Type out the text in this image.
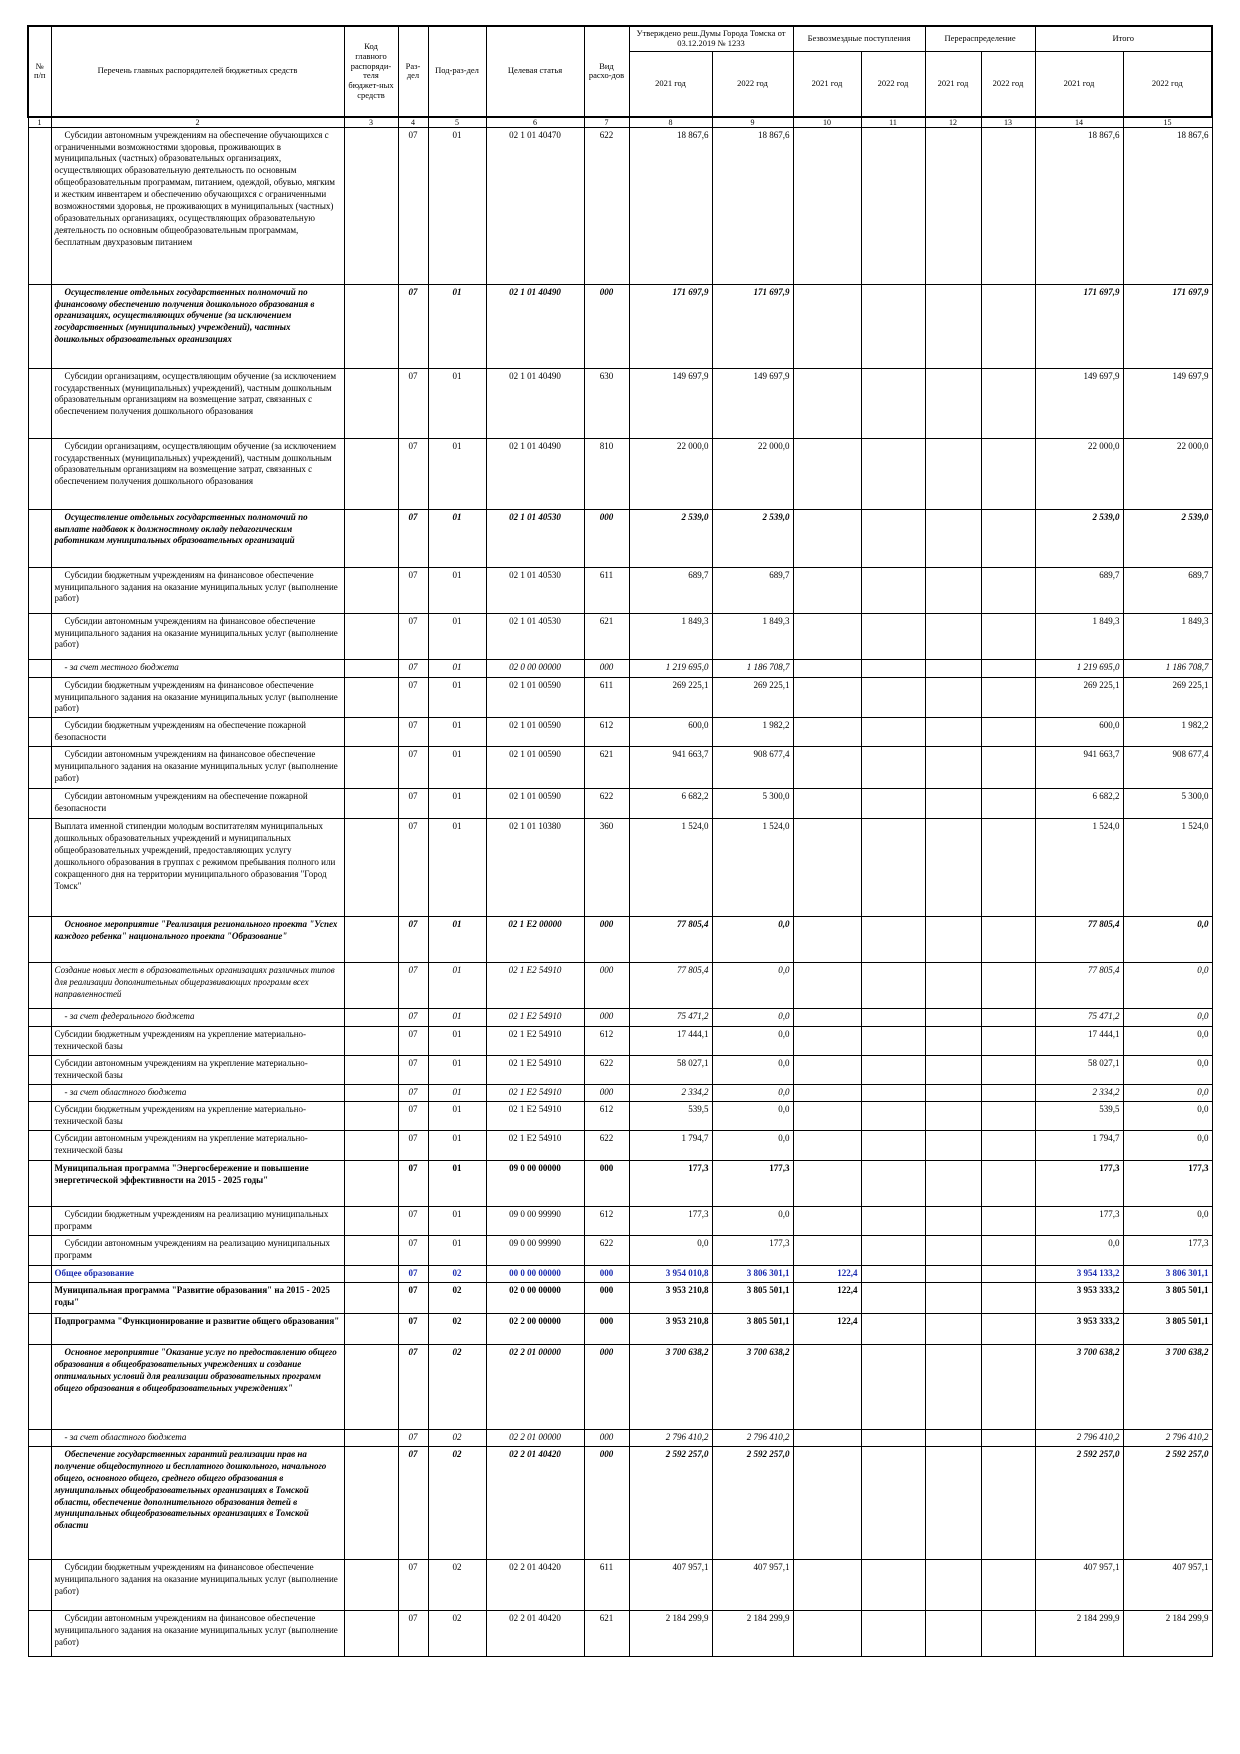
№ п/п	Перечень главных распорядителей бюджетных средств	Код главного распоряди-теля бюджет-ных средств	Раз-дел	Под-раз-дел	Целевая статья	Вид расхо-дов	Утверждено реш.Думы Города Томска от 03.12.2019 № 1233		Безвозмездные поступления		Перераспределение		Итого	
							2021 год	2022 год	2021 год	2022 год	2021 год	2022 год	2021 год	2022 год
1	2	3	4	5	6	7	8	9	10	11	12	13	14	15
	Субсидии автономным учреждениям на обеспечение обучающихся с ограниченными возможностями здоровья, проживающих в муниципальных (частных) образовательных организациях, осуществляющих образовательную деятельность по основным общеобразовательным программам, питанием, одеждой, обувью, мягким и жестким инвентарем и обеспечению обучающихся с ограниченными возможностями здоровья, не проживающих в муниципальных (частных) образовательных организациях, осуществляющих образовательную деятельность по основным общеобразовательным программам, бесплатным двухразовым питанием		07	01	02 1 01 40470	622	18 867,6	18 867,6					18 867,6	18 867,6
	Осуществление отдельных государственных полномочий по финансовому обеспечению получения дошкольного образования в организациях, осуществляющих обучение (за исключением государственных (муниципальных) учреждений), частных дошкольных образовательных организациях		07	01	02 1 01 40490	000	171 697,9	171 697,9					171 697,9	171 697,9
	Субсидии организациям, осуществляющим обучение (за исключением государственных (муниципальных) учреждений), частным дошкольным образовательным организациям на возмещение затрат, связанных с обеспечением получения дошкольного образования		07	01	02 1 01 40490	630	149 697,9	149 697,9					149 697,9	149 697,9
	Субсидии организациям, осуществляющим обучение (за исключением государственных (муниципальных) учреждений), частным дошкольным образовательным организациям на возмещение затрат, связанных с обеспечением получения дошкольного образования		07	01	02 1 01 40490	810	22 000,0	22 000,0					22 000,0	22 000,0
	Осуществление отдельных государственных полномочий по выплате надбавок к должностному окладу педагогическим работникам муниципальных образовательных организаций		07	01	02 1 01 40530	000	2 539,0	2 539,0					2 539,0	2 539,0
	Субсидии бюджетным учреждениям на финансовое обеспечение муниципального задания на оказание муниципальных услуг (выполнение работ)		07	01	02 1 01 40530	611	689,7	689,7					689,7	689,7
	Субсидии автономным учреждениям на финансовое обеспечение муниципального задания на оказание муниципальных услуг (выполнение работ)		07	01	02 1 01 40530	621	1 849,3	1 849,3					1 849,3	1 849,3
	- за счет местного бюджета		07	01	02 0 00 00000	000	1 219 695,0	1 186 708,7					1 219 695,0	1 186 708,7
	Субсидии бюджетным учреждениям на финансовое обеспечение муниципального задания на оказание муниципальных услуг (выполнение работ)		07	01	02 1 01 00590	611	269 225,1	269 225,1					269 225,1	269 225,1
	Субсидии бюджетным учреждениям на обеспечение пожарной безопасности		07	01	02 1 01 00590	612	600,0	1 982,2					600,0	1 982,2
	Субсидии автономным учреждениям на финансовое обеспечение муниципального задания на оказание муниципальных услуг (выполнение работ)		07	01	02 1 01 00590	621	941 663,7	908 677,4					941 663,7	908 677,4
	Субсидии автономным учреждениям на обеспечение пожарной безопасности		07	01	02 1 01 00590	622	6 682,2	5 300,0					6 682,2	5 300,0
	Выплата именной стипендии молодым воспитателям муниципальных дошкольных образовательных учреждений и муниципальных общеобразовательных учреждений, предоставляющих услугу дошкольного образования в группах с режимом пребывания полного или сокращенного дня на территории муниципального образования "Город Томск"		07	01	02 1 01 10380	360	1 524,0	1 524,0					1 524,0	1 524,0
	Основное мероприятие "Реализация регионального проекта "Успех каждого ребенка" национального проекта "Образование"		07	01	02 1 E2 00000	000	77 805,4	0,0					77 805,4	0,0
	Создание новых мест в образовательных организациях различных типов для реализации дополнительных общеразвивающих программ всех направленностей		07	01	02 1 E2 54910	000	77 805,4	0,0					77 805,4	0,0
	- за счет федерального бюджета		07	01	02 1 E2 54910	000	75 471,2	0,0					75 471,2	0,0
	Субсидии бюджетным учреждениям на укрепление материально-технической базы		07	01	02 1 E2 54910	612	17 444,1	0,0					17 444,1	0,0
	Субсидии автономным учреждениям на укрепление материально-технической базы		07	01	02 1 E2 54910	622	58 027,1	0,0					58 027,1	0,0
	- за счет областного бюджета		07	01	02 1 E2 54910	000	2 334,2	0,0					2 334,2	0,0
	Субсидии бюджетным учреждениям на укрепление материально-технической базы		07	01	02 1 E2 54910	612	539,5	0,0					539,5	0,0
	Субсидии автономным учреждениям на укрепление материально-технической базы		07	01	02 1 E2 54910	622	1 794,7	0,0					1 794,7	0,0
	Муниципальная программа "Энергосбережение и повышение энергетической эффективности на 2015 - 2025 годы"		07	01	09 0 00 00000	000	177,3	177,3					177,3	177,3
	Субсидии бюджетным учреждениям на реализацию муниципальных программ		07	01	09 0 00 99990	612	177,3	0,0					177,3	0,0
	Субсидии автономным учреждениям на реализацию муниципальных программ		07	01	09 0 00 99990	622	0,0	177,3					0,0	177,3
	Общее образование		07	02	00 0 00 00000	000	3 954 010,8	3 806 301,1	122,4				3 954 133,2	3 806 301,1
	Муниципальная программа "Развитие образования" на 2015 - 2025 годы"		07	02	02 0 00 00000	000	3 953 210,8	3 805 501,1	122,4				3 953 333,2	3 805 501,1
	Подпрограмма "Функционирование и развитие общего образования"		07	02	02 2 00 00000	000	3 953 210,8	3 805 501,1	122,4				3 953 333,2	3 805 501,1
	Основное мероприятие "Оказание услуг по предоставлению общего образования в общеобразовательных учреждениях и создание оптимальных условий для реализации образовательных программ общего образования в общеобразовательных учреждениях"		07	02	02 2 01 00000	000	3 700 638,2	3 700 638,2					3 700 638,2	3 700 638,2
	- за счет областного бюджета		07	02	02 2 01 00000	000	2 796 410,2	2 796 410,2					2 796 410,2	2 796 410,2
	Обеспечение государственных гарантий реализации прав на получение общедоступного и бесплатного дошкольного, начального общего, основного общего, среднего общего образования в муниципальных общеобразовательных организациях в Томской области, обеспечение дополнительного образования детей в муниципальных общеобразовательных организациях в Томской области		07	02	02 2 01 40420	000	2 592 257,0	2 592 257,0					2 592 257,0	2 592 257,0
	Субсидии бюджетным учреждениям на финансовое обеспечение муниципального задания на оказание муниципальных услуг (выполнение работ)		07	02	02 2 01 40420	611	407 957,1	407 957,1					407 957,1	407 957,1
	Субсидии автономным учреждениям на финансовое обеспечение муниципального задания на оказание муниципальных услуг (выполнение работ)		07	02	02 2 01 40420	621	2 184 299,9	2 184 299,9					2 184 299,9	2 184 299,9
